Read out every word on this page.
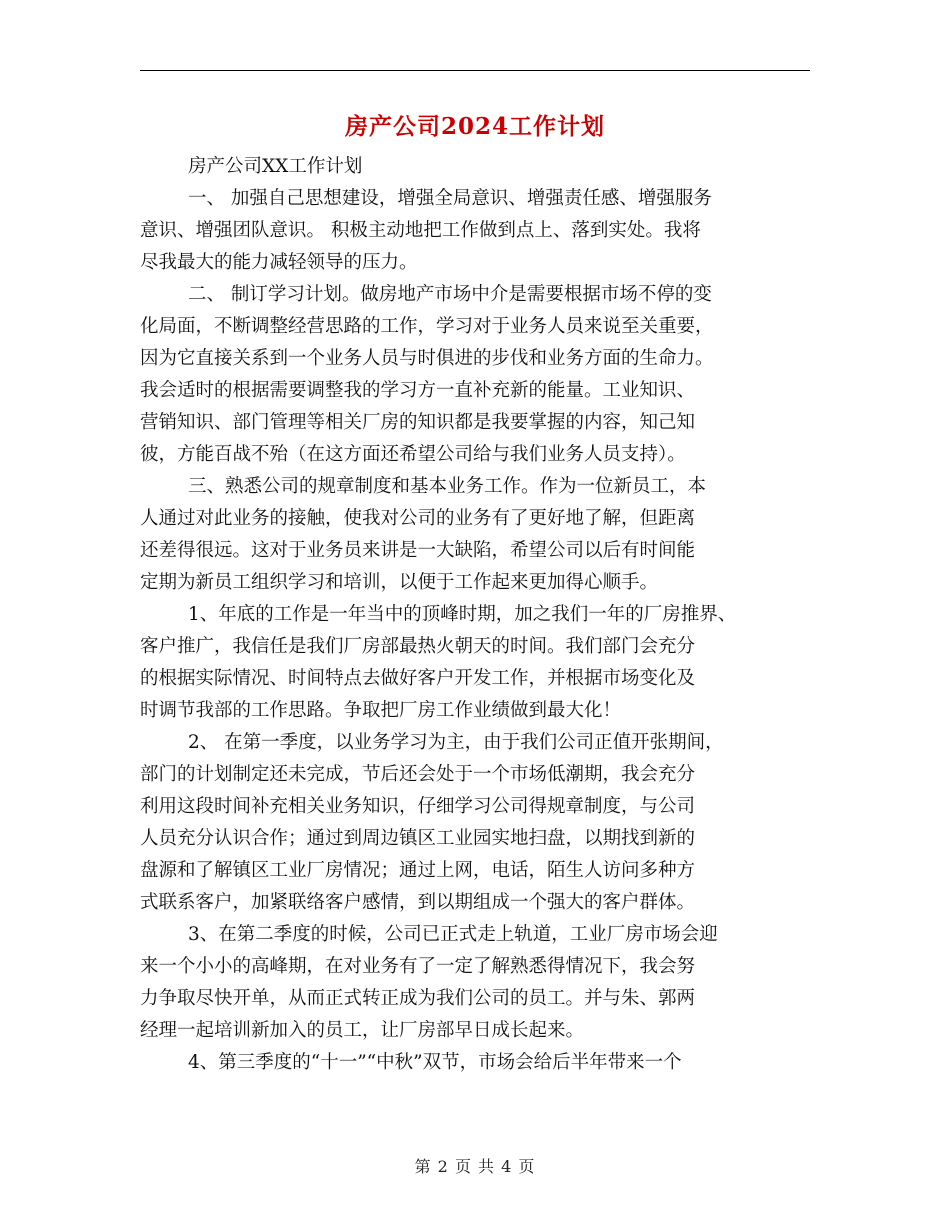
房产公司2024工作计划

房产公司XX工作计划

一、 加强自己思想建设，增强全局意识、增强责任感、增强服务
意识、增强团队意识。 积极主动地把工作做到点上、落到实处。我将
尽我最大的能力减轻领导的压力。

二、 制订学习计划。做房地产市场中介是需要根据市场不停的变
化局面，不断调整经营思路的工作，学习对于业务人员来说至关重要，
因为它直接关系到一个业务人员与时俱进的步伐和业务方面的生命力。
我会适时的根据需要调整我的学习方一直补充新的能量。工业知识、
营销知识、部门管理等相关厂房的知识都是我要掌握的内容，知己知
彼，方能百战不殆（在这方面还希望公司给与我们业务人员支持）。

三、熟悉公司的规章制度和基本业务工作。作为一位新员工，本
人通过对此业务的接触，使我对公司的业务有了更好地了解，但距离
还差得很远。这对于业务员来讲是一大缺陷，希望公司以后有时间能
定期为新员工组织学习和培训，以便于工作起来更加得心顺手。

1、年底的工作是一年当中的顶峰时期，加之我们一年的厂房推界、
客户推广，我信任是我们厂房部最热火朝天的时间。我们部门会充分
的根据实际情况、时间特点去做好客户开发工作，并根据市场变化及
时调节我部的工作思路。争取把厂房工作业绩做到最大化！

2、 在第一季度，以业务学习为主，由于我们公司正值开张期间，
部门的计划制定还未完成，节后还会处于一个市场低潮期，我会充分
利用这段时间补充相关业务知识，仔细学习公司得规章制度，与公司
人员充分认识合作；通过到周边镇区工业园实地扫盘，以期找到新的
盘源和了解镇区工业厂房情况；通过上网，电话，陌生人访问多种方
式联系客户，加紧联络客户感情，到以期组成一个强大的客户群体。

3、在第二季度的时候，公司已正式走上轨道，工业厂房市场会迎
来一个小小的高峰期，在对业务有了一定了解熟悉得情况下，我会努
力争取尽快开单，从而正式转正成为我们公司的员工。并与朱、郭两
经理一起培训新加入的员工，让厂房部早日成长起来。

4、第三季度的“十一”“中秋”双节，市场会给后半年带来一个

第 2 页 共 4 页
